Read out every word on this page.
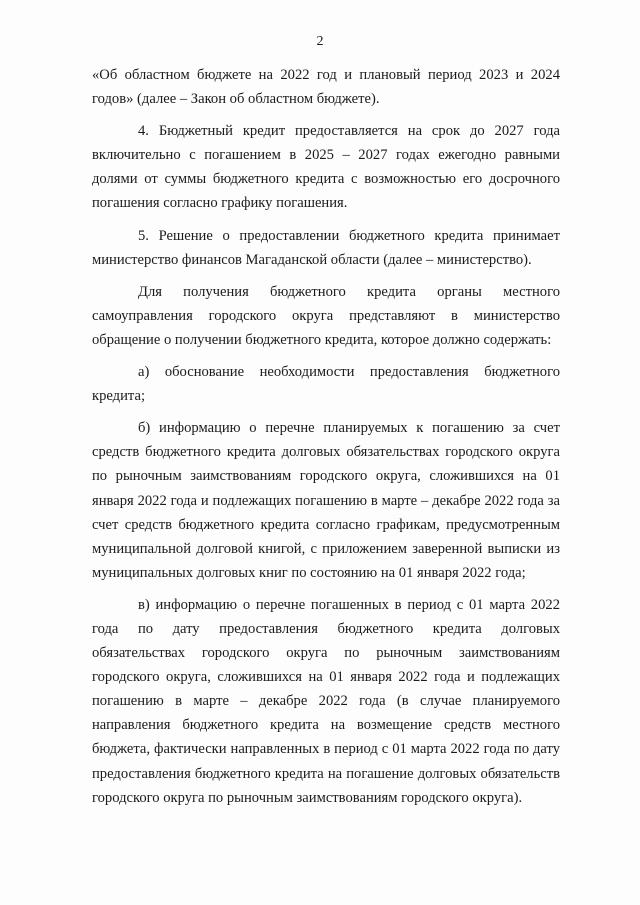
2

«Об областном бюджете на 2022 год и плановый период 2023 и 2024 годов» (далее – Закон об областном бюджете).

4. Бюджетный кредит предоставляется на срок до 2027 года включительно с погашением в 2025 – 2027 годах ежегодно равными долями от суммы бюджетного кредита с возможностью его досрочного погашения согласно графику погашения.

5. Решение о предоставлении бюджетного кредита принимает министерство финансов Магаданской области (далее – министерство).

Для получения бюджетного кредита органы местного самоуправления городского округа представляют в министерство обращение о получении бюджетного кредита, которое должно содержать:

а) обоснование необходимости предоставления бюджетного кредита;

б) информацию о перечне планируемых к погашению за счет средств бюджетного кредита долговых обязательствах городского округа по рыночным заимствованиям городского округа, сложившихся на 01 января 2022 года и подлежащих погашению в марте – декабре 2022 года за счет средств бюджетного кредита согласно графикам, предусмотренным муниципальной долговой книгой, с приложением заверенной выписки из муниципальных долговых книг по состоянию на 01 января 2022 года;

в) информацию о перечне погашенных в период с 01 марта 2022 года по дату предоставления бюджетного кредита долговых обязательствах городского округа по рыночным заимствованиям городского округа, сложившихся на 01 января 2022 года и подлежащих погашению в марте – декабре 2022 года (в случае планируемого направления бюджетного кредита на возмещение средств местного бюджета, фактически направленных в период с 01 марта 2022 года по дату предоставления бюджетного кредита на погашение долговых обязательств городского округа по рыночным заимствованиям городского округа).
